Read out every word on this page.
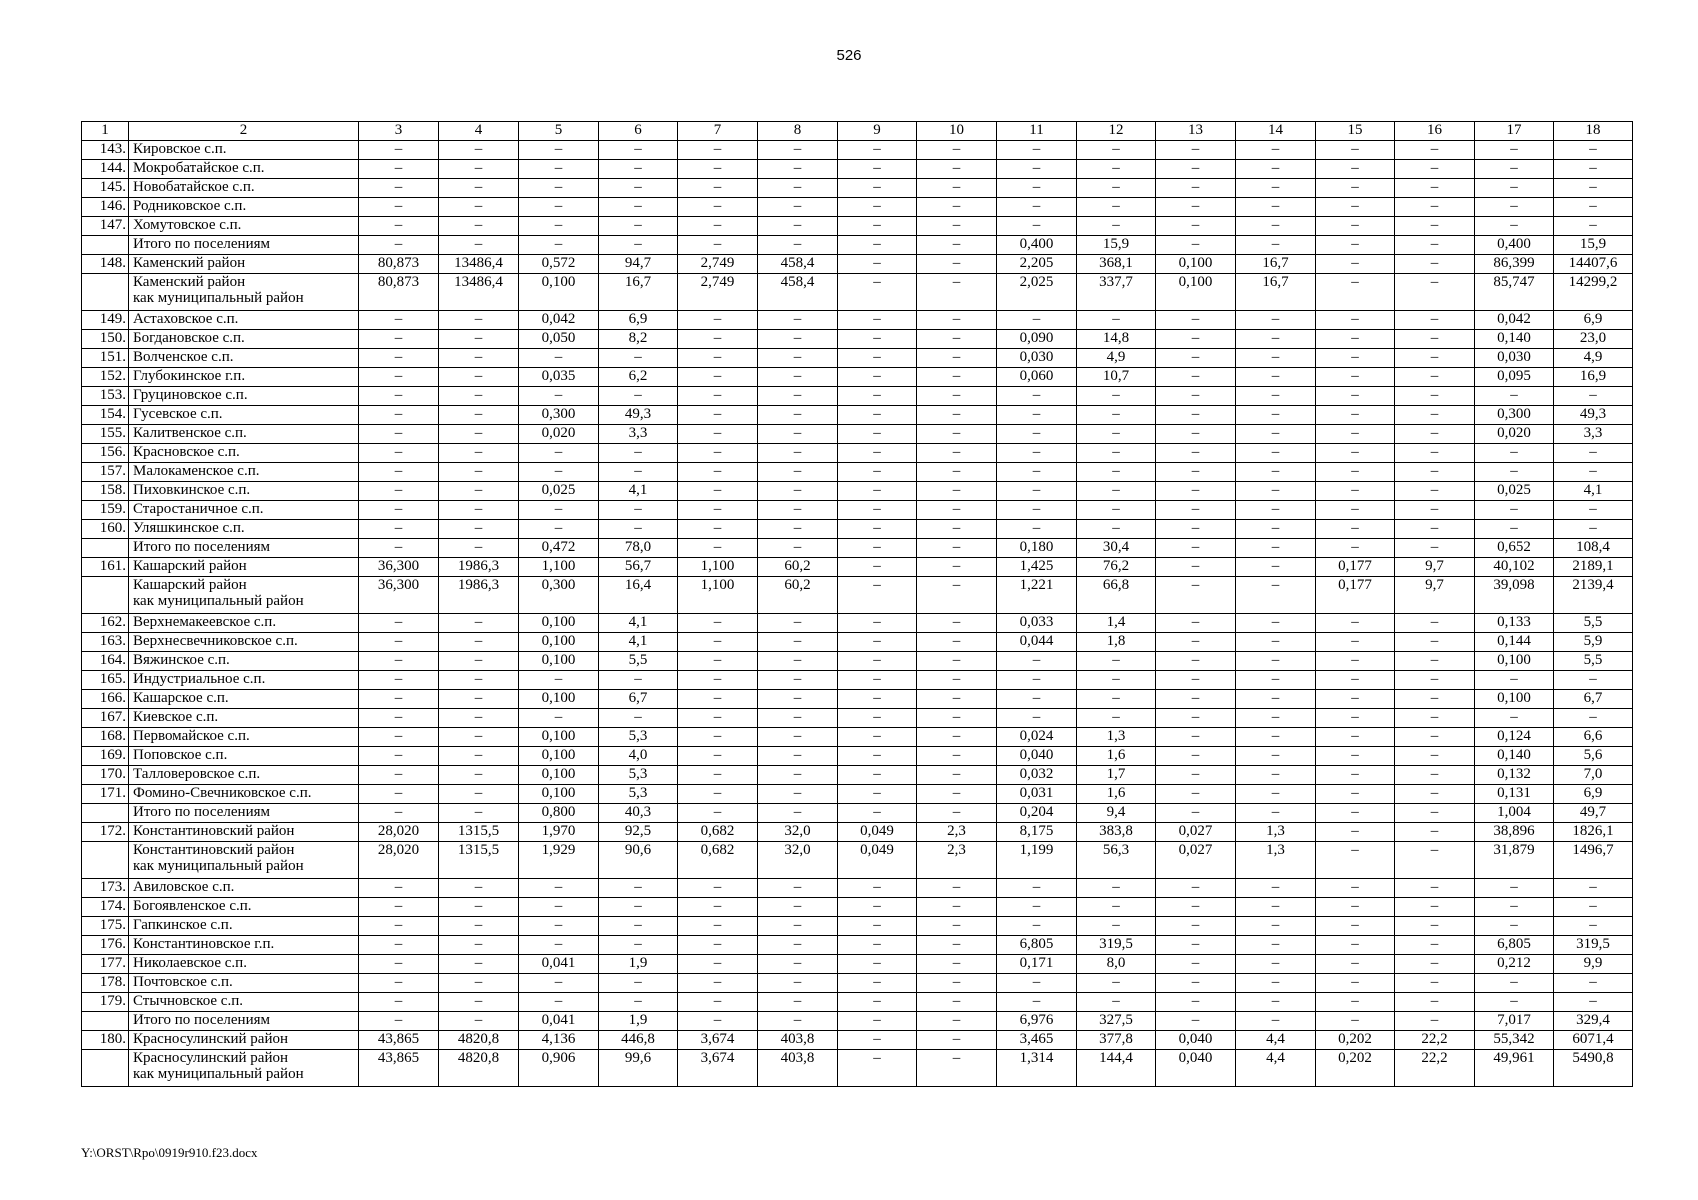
526
1	2	3	4	5	6	7	8	9	10	11	12	13	14	15	16	17	18
143.	Кировское с.п.	–	–	–	–	–	–	–	–	–	–	–	–	–	–	–	–
144.	Мокробатайское с.п.	–	–	–	–	–	–	–	–	–	–	–	–	–	–	–	–
145.	Новобатайское с.п.	–	–	–	–	–	–	–	–	–	–	–	–	–	–	–	–
146.	Родниковское с.п.	–	–	–	–	–	–	–	–	–	–	–	–	–	–	–	–
147.	Хомутовское с.п.	–	–	–	–	–	–	–	–	–	–	–	–	–	–	–	–
	Итого по поселениям	–	–	–	–	–	–	–	–	0,400	15,9	–	–	–	–	0,400	15,9
148.	Каменский район	80,873	13486,4	0,572	94,7	2,749	458,4	–	–	2,205	368,1	0,100	16,7	–	–	86,399	14407,6
	Каменский район
как муниципальный район	80,873	13486,4	0,100	16,7	2,749	458,4	–	–	2,025	337,7	0,100	16,7	–	–	85,747	14299,2
149.	Астаховское с.п.	–	–	0,042	6,9	–	–	–	–	–	–	–	–	–	–	0,042	6,9
150.	Богдановское с.п.	–	–	0,050	8,2	–	–	–	–	0,090	14,8	–	–	–	–	0,140	23,0
151.	Волченское с.п.	–	–	–	–	–	–	–	–	0,030	4,9	–	–	–	–	0,030	4,9
152.	Глубокинское г.п.	–	–	0,035	6,2	–	–	–	–	0,060	10,7	–	–	–	–	0,095	16,9
153.	Груциновское с.п.	–	–	–	–	–	–	–	–	–	–	–	–	–	–	–	–
154.	Гусевское с.п.	–	–	0,300	49,3	–	–	–	–	–	–	–	–	–	–	0,300	49,3
155.	Калитвенское с.п.	–	–	0,020	3,3	–	–	–	–	–	–	–	–	–	–	0,020	3,3
156.	Красновское с.п.	–	–	–	–	–	–	–	–	–	–	–	–	–	–	–	–
157.	Малокаменское с.п.	–	–	–	–	–	–	–	–	–	–	–	–	–	–	–	–
158.	Пиховкинское с.п.	–	–	0,025	4,1	–	–	–	–	–	–	–	–	–	–	0,025	4,1
159.	Старостаничное с.п.	–	–	–	–	–	–	–	–	–	–	–	–	–	–	–	–
160.	Уляшкинское с.п.	–	–	–	–	–	–	–	–	–	–	–	–	–	–	–	–
	Итого по поселениям	–	–	0,472	78,0	–	–	–	–	0,180	30,4	–	–	–	–	0,652	108,4
161.	Кашарский район	36,300	1986,3	1,100	56,7	1,100	60,2	–	–	1,425	76,2	–	–	0,177	9,7	40,102	2189,1
	Кашарский район
как муниципальный район	36,300	1986,3	0,300	16,4	1,100	60,2	–	–	1,221	66,8	–	–	0,177	9,7	39,098	2139,4
162.	Верхнемакеевское с.п.	–	–	0,100	4,1	–	–	–	–	0,033	1,4	–	–	–	–	0,133	5,5
163.	Верхнесвечниковское с.п.	–	–	0,100	4,1	–	–	–	–	0,044	1,8	–	–	–	–	0,144	5,9
164.	Вяжинское с.п.	–	–	0,100	5,5	–	–	–	–	–	–	–	–	–	–	0,100	5,5
165.	Индустриальное с.п.	–	–	–	–	–	–	–	–	–	–	–	–	–	–	–	–
166.	Кашарское с.п.	–	–	0,100	6,7	–	–	–	–	–	–	–	–	–	–	0,100	6,7
167.	Киевское с.п.	–	–	–	–	–	–	–	–	–	–	–	–	–	–	–	–
168.	Первомайское с.п.	–	–	0,100	5,3	–	–	–	–	0,024	1,3	–	–	–	–	0,124	6,6
169.	Поповское с.п.	–	–	0,100	4,0	–	–	–	–	0,040	1,6	–	–	–	–	0,140	5,6
170.	Талловеровское с.п.	–	–	0,100	5,3	–	–	–	–	0,032	1,7	–	–	–	–	0,132	7,0
171.	Фомино-Свечниковское с.п.	–	–	0,100	5,3	–	–	–	–	0,031	1,6	–	–	–	–	0,131	6,9
	Итого по поселениям	–	–	0,800	40,3	–	–	–	–	0,204	9,4	–	–	–	–	1,004	49,7
172.	Константиновский район	28,020	1315,5	1,970	92,5	0,682	32,0	0,049	2,3	8,175	383,8	0,027	1,3	–	–	38,896	1826,1
	Константиновский район
как муниципальный район	28,020	1315,5	1,929	90,6	0,682	32,0	0,049	2,3	1,199	56,3	0,027	1,3	–	–	31,879	1496,7
173.	Авиловское с.п.	–	–	–	–	–	–	–	–	–	–	–	–	–	–	–	–
174.	Богоявленское с.п.	–	–	–	–	–	–	–	–	–	–	–	–	–	–	–	–
175.	Гапкинское с.п.	–	–	–	–	–	–	–	–	–	–	–	–	–	–	–	–
176.	Константиновское г.п.	–	–	–	–	–	–	–	–	6,805	319,5	–	–	–	–	6,805	319,5
177.	Николаевское с.п.	–	–	0,041	1,9	–	–	–	–	0,171	8,0	–	–	–	–	0,212	9,9
178.	Почтовское с.п.	–	–	–	–	–	–	–	–	–	–	–	–	–	–	–	–
179.	Стычновское с.п.	–	–	–	–	–	–	–	–	–	–	–	–	–	–	–	–
	Итого по поселениям	–	–	0,041	1,9	–	–	–	–	6,976	327,5	–	–	–	–	7,017	329,4
180.	Красносулинский район	43,865	4820,8	4,136	446,8	3,674	403,8	–	–	3,465	377,8	0,040	4,4	0,202	22,2	55,342	6071,4
	Красносулинский район
как муниципальный район	43,865	4820,8	0,906	99,6	3,674	403,8	–	–	1,314	144,4	0,040	4,4	0,202	22,2	49,961	5490,8
Y:\ORST\Rpo\0919r910.f23.docx
